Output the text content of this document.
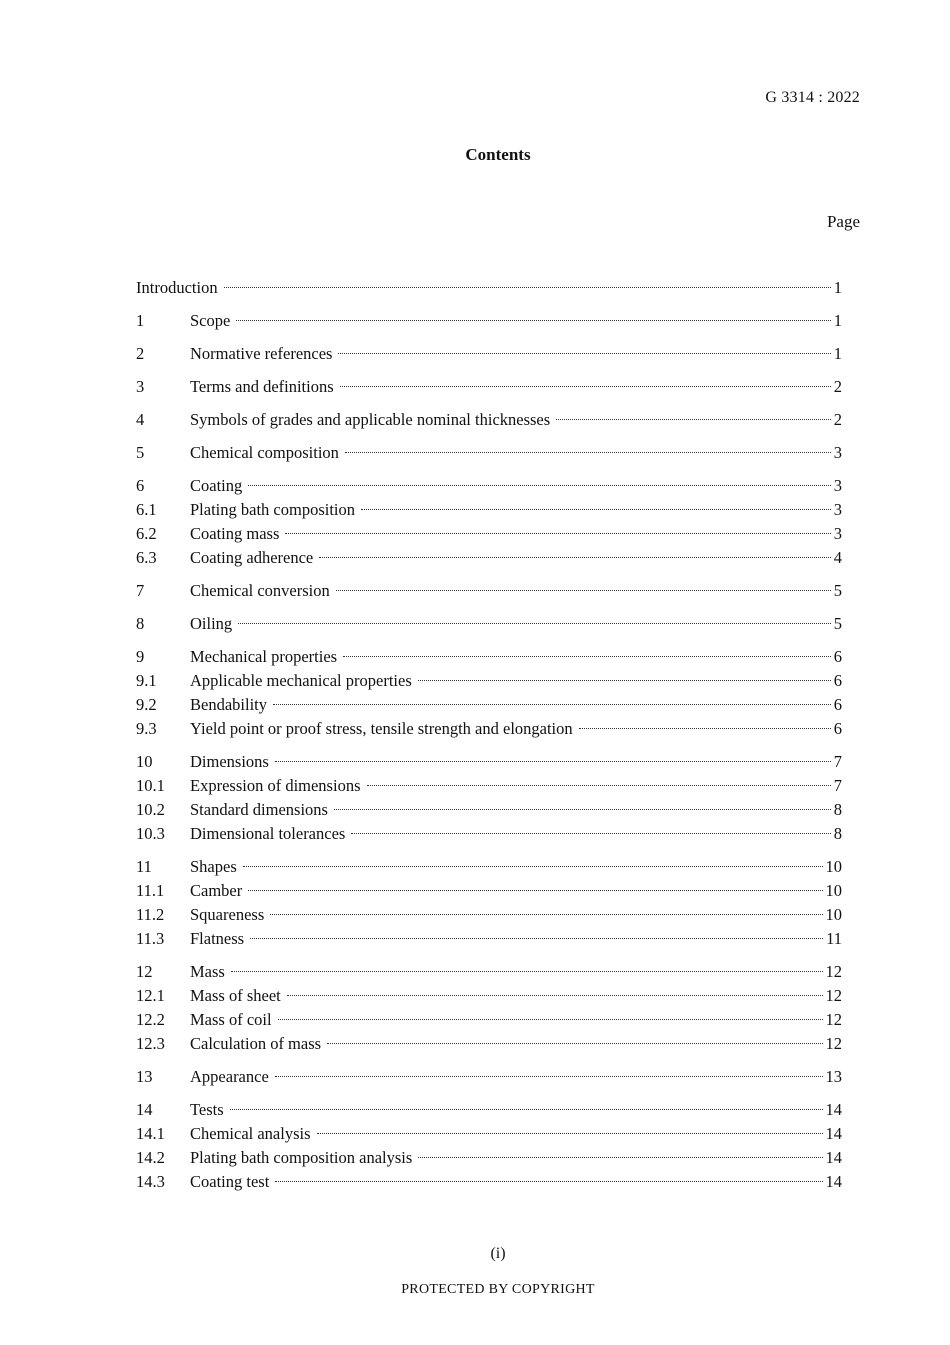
G 3314 : 2022
Contents
Page
Introduction	1
1	Scope	1
2	Normative references	1
3	Terms and definitions	2
4	Symbols of grades and applicable nominal thicknesses	2
5	Chemical composition	3
6	Coating	3
6.1	Plating bath composition	3
6.2	Coating mass	3
6.3	Coating adherence	4
7	Chemical conversion	5
8	Oiling	5
9	Mechanical properties	6
9.1	Applicable mechanical properties	6
9.2	Bendability	6
9.3	Yield point or proof stress, tensile strength and elongation	6
10	Dimensions	7
10.1	Expression of dimensions	7
10.2	Standard dimensions	8
10.3	Dimensional tolerances	8
11	Shapes	10
11.1	Camber	10
11.2	Squareness	10
11.3	Flatness	11
12	Mass	12
12.1	Mass of sheet	12
12.2	Mass of coil	12
12.3	Calculation of mass	12
13	Appearance	13
14	Tests	14
14.1	Chemical analysis	14
14.2	Plating bath composition analysis	14
14.3	Coating test	14
(i)
PROTECTED BY COPYRIGHT
